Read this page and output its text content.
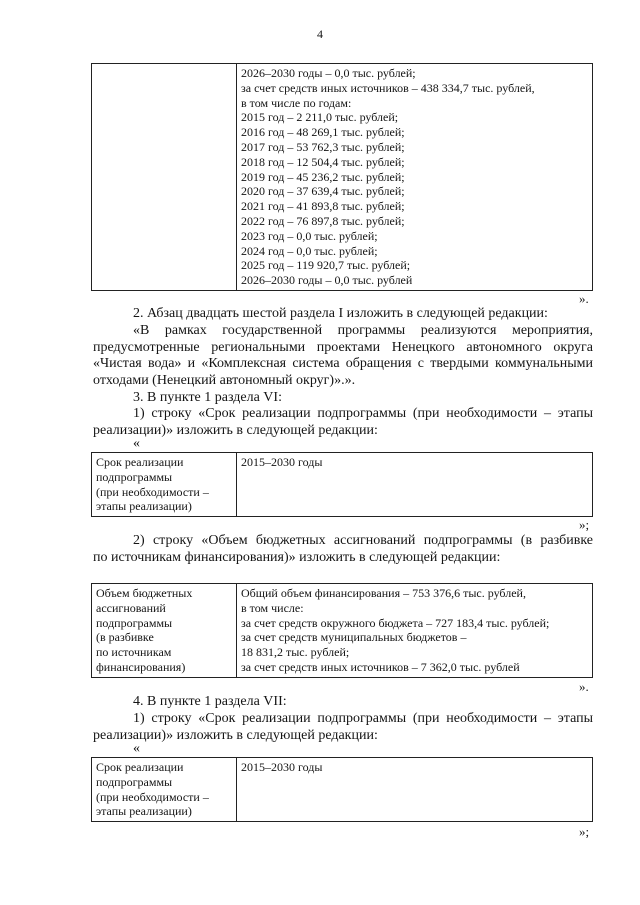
4

2026–2030 годы – 0,0 тыс. рублей;
за счет средств иных источников – 438 334,7 тыс. рублей,
в том числе по годам:
2015 год – 2 211,0 тыс. рублей;
2016 год – 48 269,1 тыс. рублей;
2017 год – 53 762,3 тыс. рублей;
2018 год – 12 504,4 тыс. рублей;
2019 год – 45 236,2 тыс. рублей;
2020 год – 37 639,4 тыс. рублей;
2021 год – 41 893,8 тыс. рублей;
2022 год – 76 897,8 тыс. рублей;
2023 год – 0,0 тыс. рублей;
2024 год – 0,0 тыс. рублей;
2025 год – 119 920,7 тыс. рублей;
2026–2030 годы – 0,0 тыс. рублей
».
2. Абзац двадцать шестой раздела I изложить в следующей редакции:
«В рамках государственной программы реализуются мероприятия,
предусмотренные региональными проектами Ненецкого автономного округа
«Чистая вода» и «Комплексная система обращения с твердыми коммунальными
отходами (Ненецкий автономный округ)».».
3. В пункте 1 раздела VI:
1) строку «Срок реализации подпрограммы (при необходимости – этапы
реализации)» изложить в следующей редакции:
«
Срок реализации
подпрограммы
(при необходимости –
этапы реализации)
	2015–2030 годы
»;
2) строку «Объем бюджетных ассигнований подпрограммы (в разбивке
по источникам финансирования)» изложить в следующей редакции:
Объем бюджетных
ассигнований
подпрограммы
(в разбивке
по источникам
финансирования)

Общий объем финансирования – 753 376,6 тыс. рублей,
в том числе:
за счет средств окружного бюджета – 727 183,4 тыс. рублей;
за счет средств муниципальных бюджетов –
18 831,2 тыс. рублей;
за счет средств иных источников – 7 362,0 тыс. рублей
».
4. В пункте 1 раздела VII:
1) строку «Срок реализации подпрограммы (при необходимости – этапы
реализации)» изложить в следующей редакции:
«
Срок реализации
подпрограммы
(при необходимости –
этапы реализации)
	2015–2030 годы
»;
